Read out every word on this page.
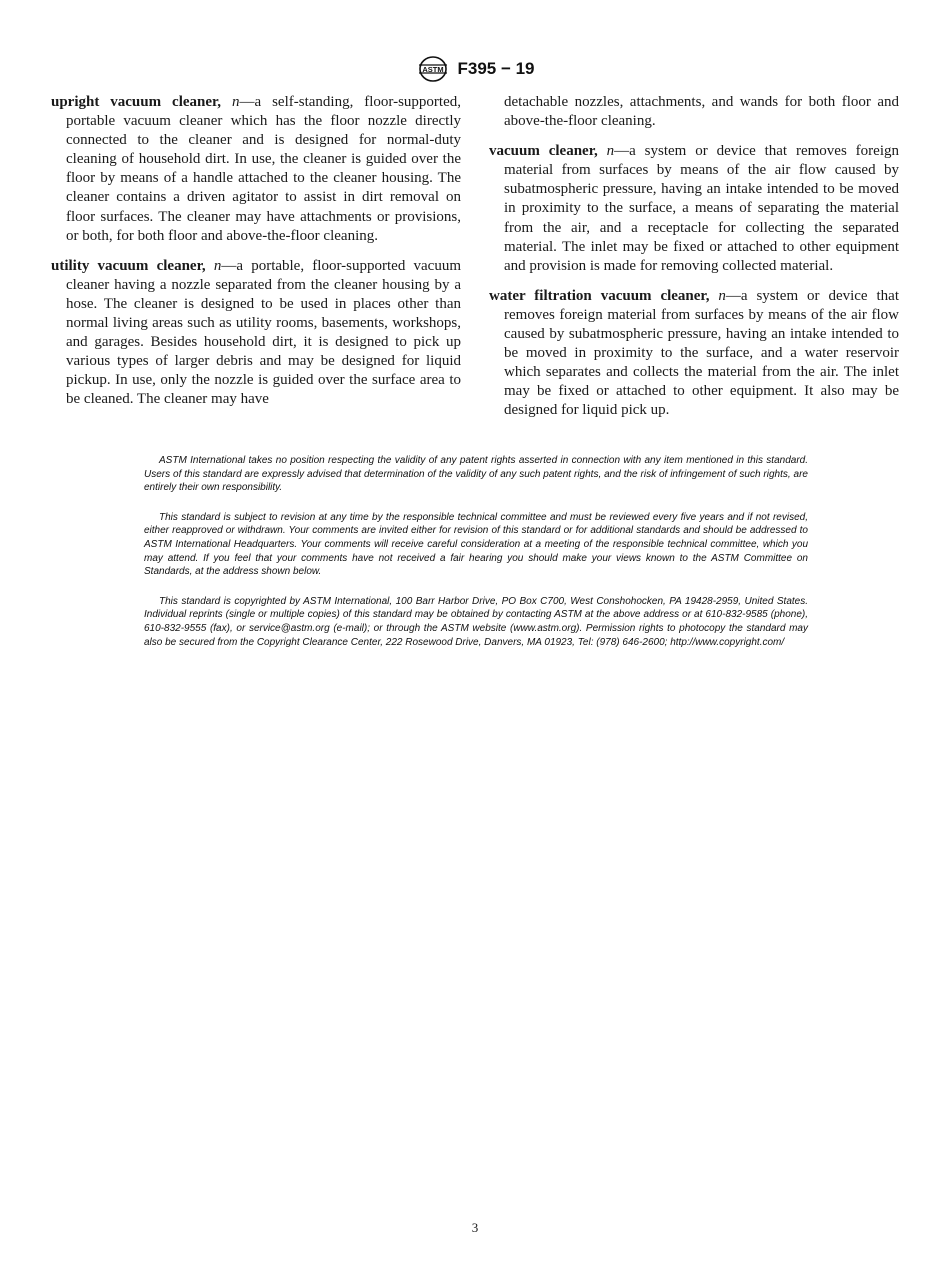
ASTM F395 − 19

upright vacuum cleaner, n—a self-standing, floor-supported, portable vacuum cleaner which has the floor nozzle directly connected to the cleaner and is designed for normal-duty cleaning of household dirt. In use, the cleaner is guided over the floor by means of a handle attached to the cleaner housing. The cleaner contains a driven agitator to assist in dirt removal on floor surfaces. The cleaner may have attachments or provisions, or both, for both floor and above-the-floor cleaning.

utility vacuum cleaner, n—a portable, floor-supported vacuum cleaner having a nozzle separated from the cleaner housing by a hose. The cleaner is designed to be used in places other than normal living areas such as utility rooms, basements, workshops, and garages. Besides household dirt, it is designed to pick up various types of larger debris and may be designed for liquid pickup. In use, only the nozzle is guided over the surface area to be cleaned. The cleaner may have

detachable nozzles, attachments, and wands for both floor and above-the-floor cleaning.

vacuum cleaner, n—a system or device that removes foreign material from surfaces by means of the air flow caused by subatmospheric pressure, having an intake intended to be moved in proximity to the surface, a means of separating the material from the air, and a receptacle for collecting the separated material. The inlet may be fixed or attached to other equipment and provision is made for removing collected material.

water filtration vacuum cleaner, n—a system or device that removes foreign material from surfaces by means of the air flow caused by subatmospheric pressure, having an intake intended to be moved in proximity to the surface, and a water reservoir which separates and collects the material from the air. The inlet may be fixed or attached to other equipment. It also may be designed for liquid pick up.

ASTM International takes no position respecting the validity of any patent rights asserted in connection with any item mentioned in this standard. Users of this standard are expressly advised that determination of the validity of any such patent rights, and the risk of infringement of such rights, are entirely their own responsibility.

This standard is subject to revision at any time by the responsible technical committee and must be reviewed every five years and if not revised, either reapproved or withdrawn. Your comments are invited either for revision of this standard or for additional standards and should be addressed to ASTM International Headquarters. Your comments will receive careful consideration at a meeting of the responsible technical committee, which you may attend. If you feel that your comments have not received a fair hearing you should make your views known to the ASTM Committee on Standards, at the address shown below.

This standard is copyrighted by ASTM International, 100 Barr Harbor Drive, PO Box C700, West Conshohocken, PA 19428-2959, United States. Individual reprints (single or multiple copies) of this standard may be obtained by contacting ASTM at the above address or at 610-832-9585 (phone), 610-832-9555 (fax), or service@astm.org (e-mail); or through the ASTM website (www.astm.org). Permission rights to photocopy the standard may also be secured from the Copyright Clearance Center, 222 Rosewood Drive, Danvers, MA 01923, Tel: (978) 646-2600; http://www.copyright.com/

3
